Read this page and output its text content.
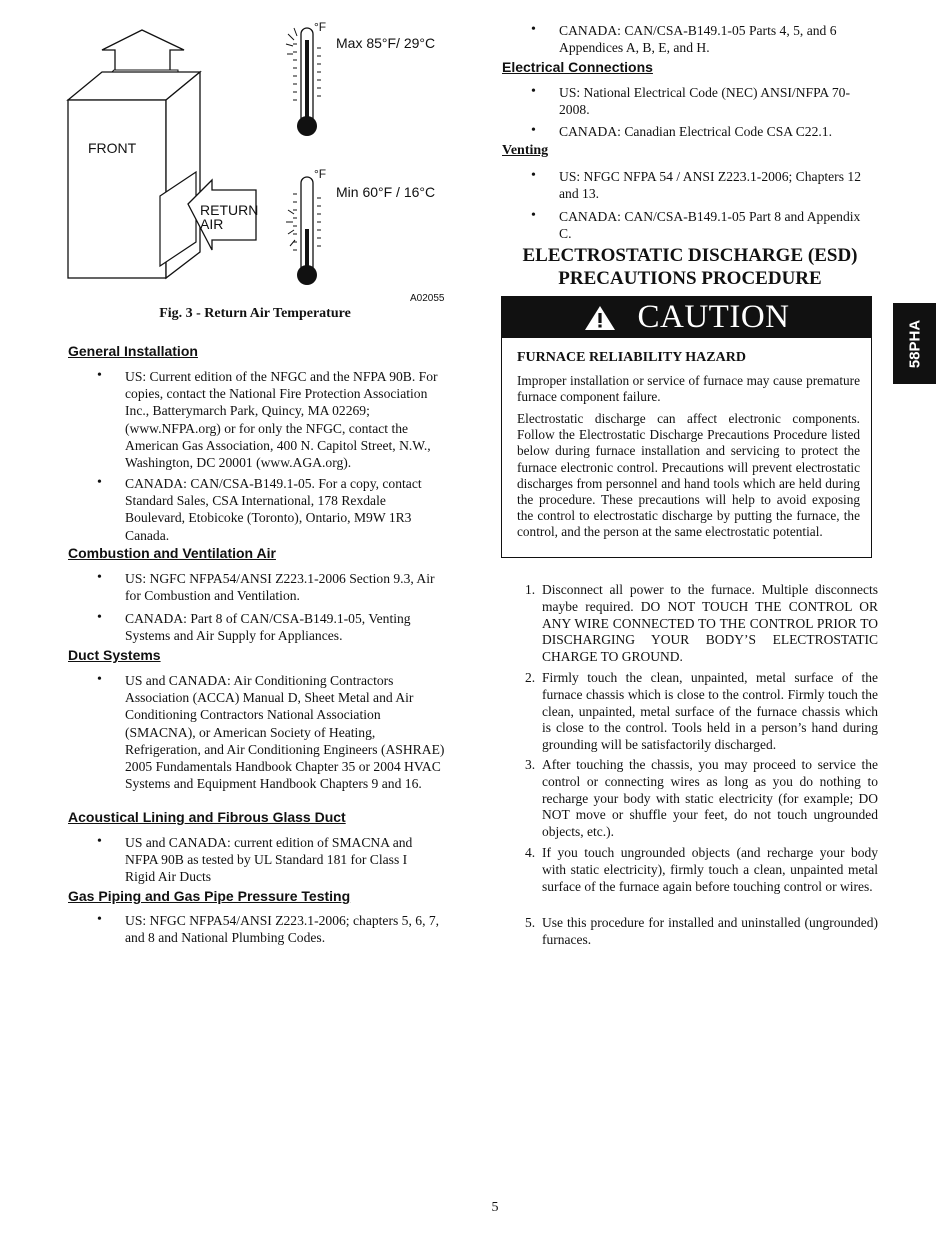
FRONT
RETURN
AIR
°F
°F
Max 85°F/ 29°C
Min 60°F / 16°C
A02055
Fig. 3 - Return Air Temperature
General Installation
• US: Current edition of the NFGC and the NFPA 90B. For copies, contact the National Fire Protection Association Inc., Batterymarch Park, Quincy, MA 02269; (www.NFPA.org) or for only the NFGC, contact the American Gas Association, 400 N. Capitol Street, N.W., Washington, DC 20001 (www.AGA.org).
• CANADA: CAN/CSA-B149.1-05. For a copy, contact Standard Sales, CSA International, 178 Rexdale Boulevard, Etobicoke (Toronto), Ontario, M9W 1R3 Canada.
Combustion and Ventilation Air
• US: NGFC NFPA54/ANSI Z223.1-2006 Section 9.3, Air for Combustion and Ventilation.
• CANADA: Part 8 of CAN/CSA-B149.1-05, Venting Systems and Air Supply for Appliances.
Duct Systems
• US and CANADA: Air Conditioning Contractors Association (ACCA) Manual D, Sheet Metal and Air Conditioning Contractors National Association (SMACNA), or American Society of Heating, Refrigeration, and Air Conditioning Engineers (ASHRAE) 2005 Fundamentals Handbook Chapter 35 or 2004 HVAC Systems and Equipment Handbook Chapters 9 and 16.
Acoustical Lining and Fibrous Glass Duct
• US and CANADA: current edition of SMACNA and NFPA 90B as tested by UL Standard 181 for Class I Rigid Air Ducts
Gas Piping and Gas Pipe Pressure Testing
• US: NFGC NFPA54/ANSI Z223.1-2006; chapters 5, 6, 7, and 8 and National Plumbing Codes.
• CANADA: CAN/CSA-B149.1-05 Parts 4, 5, and 6 Appendices A, B, E, and H.
Electrical Connections
• US: National Electrical Code (NEC) ANSI/NFPA 70-2008.
• CANADA: Canadian Electrical Code CSA C22.1.
Venting
• US: NFGC NFPA 54 / ANSI Z223.1-2006; Chapters 12 and 13.
• CANADA: CAN/CSA-B149.1-05 Part 8 and Appendix C.
ELECTROSTATIC DISCHARGE (ESD)
PRECAUTIONS PROCEDURE
CAUTION
FURNACE RELIABILITY HAZARD
Improper installation or service of furnace may cause premature furnace component failure.
Electrostatic discharge can affect electronic components. Follow the Electrostatic Discharge Precautions Procedure listed below during furnace installation and servicing to protect the furnace electronic control. Precautions will prevent electrostatic discharges from personnel and hand tools which are held during the procedure. These precautions will help to avoid exposing the control to electrostatic discharge by putting the furnace, the control, and the person at the same electrostatic potential.
1. Disconnect all power to the furnace. Multiple disconnects maybe required. DO NOT TOUCH THE CONTROL OR ANY WIRE CONNECTED TO THE CONTROL PRIOR TO DISCHARGING YOUR BODY’S ELECTROSTATIC CHARGE TO GROUND.
2. Firmly touch the clean, unpainted, metal surface of the furnace chassis which is close to the control. Firmly touch the clean, unpainted, metal surface of the furnace chassis which is close to the control. Tools held in a person’s hand during grounding will be satisfactorily discharged.
3. After touching the chassis, you may proceed to service the control or connecting wires as long as you do nothing to recharge your body with static electricity (for example; DO NOT move or shuffle your feet, do not touch ungrounded objects, etc.).
4. If you touch ungrounded objects (and recharge your body with static electricity), firmly touch a clean, unpainted metal surface of the furnace again before touching control or wires.
5. Use this procedure for installed and uninstalled (ungrounded) furnaces.
58PHA
5
